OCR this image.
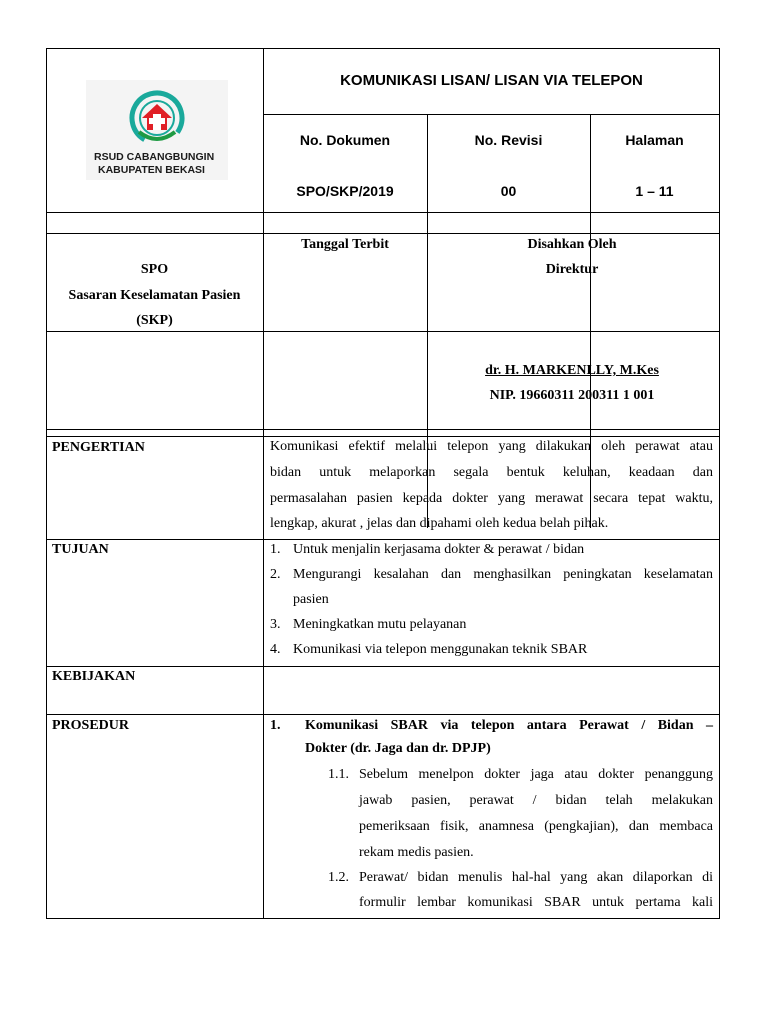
RSUD CABANGBUNGIN
KABUPATEN BEKASI
KOMUNIKASI LISAN/ LISAN VIA TELEPON
No. Dokumen	No. Revisi	Halaman
SPO/SKP/2019	00	1 – 11
SPO
Sasaran Keselamatan Pasien
(SKP)
Tanggal Terbit	Disahkan Oleh
Direktur
dr. H. MARKENLLY, M.Kes
NIP. 19660311 200311 1 001
PENGERTIAN	Komunikasi efektif melalui telepon yang dilakukan oleh perawat atau
bidan untuk melaporkan segala bentuk keluhan, keadaan dan
permasalahan pasien kepada dokter yang merawat secara tepat waktu,
lengkap, akurat , jelas dan dipahami oleh kedua belah pihak.
TUJUAN	1. Untuk menjalin kerjasama dokter & perawat / bidan
2. Mengurangi kesalahan dan menghasilkan peningkatan keselamatan
pasien
3. Meningkatkan mutu pelayanan
4. Komunikasi via telepon menggunakan teknik SBAR
KEBIJAKAN
PROSEDUR	1. Komunikasi SBAR via telepon antara Perawat / Bidan –
Dokter (dr. Jaga dan dr. DPJP)
1.1. Sebelum menelpon dokter jaga atau dokter penanggung
jawab pasien, perawat / bidan telah melakukan
pemeriksaan fisik, anamnesa (pengkajian), dan membaca
rekam medis pasien.
1.2. Perawat/ bidan menulis hal-hal yang akan dilaporkan di
formulir lembar komunikasi SBAR untuk pertama kali
